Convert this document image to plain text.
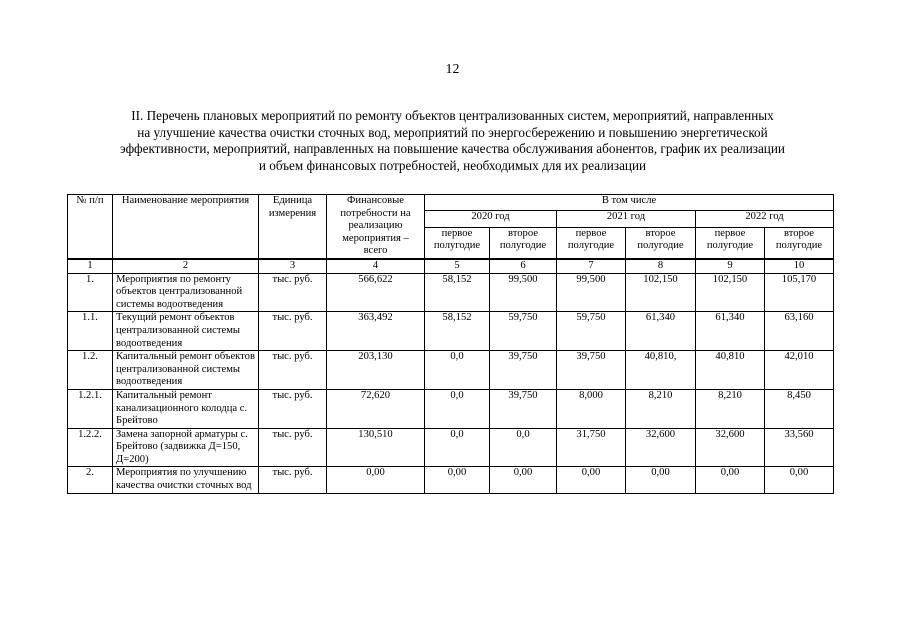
12
II. Перечень плановых мероприятий по ремонту объектов централизованных систем, мероприятий, направленных
на улучшение качества очистки сточных вод, мероприятий по энергосбережению и повышению энергетической
эффективности, мероприятий, направленных на повышение качества обслуживания абонентов, график их реализации
и объем финансовых потребностей, необходимых для их реализации
№ п/п	Наименование мероприятия	Единица измерения	Финансовые потребности на реализацию мероприятия – всего	В том числе					
				2020 год		2021 год		2022 год	
				первое полугодие	второе полугодие	первое полугодие	второе полугодие	первое полугодие	второе полугодие
1	2	3	4	5	6	7	8	9	10
1.	Мероприятия по ремонту объектов централизованной системы водоотведения	тыс. руб.	566,622	58,152	99,500	99,500	102,150	102,150	105,170
1.1.	Текущий ремонт объектов централизованной системы водоотведения	тыс. руб.	363,492	58,152	59,750	59,750	61,340	61,340	63,160
1.2.	Капитальный ремонт объектов централизованной системы водоотведения	тыс. руб.	203,130	0,0	39,750	39,750	40,810,	40,810	42,010
1.2.1.	Капитальный ремонт канализационного колодца с. Брейтово	тыс. руб.	72,620	0,0	39,750	8,000	8,210	8,210	8,450
1.2.2.	Замена запорной арматуры с. Брейтово (задвижка Д=150, Д=200)	тыс. руб.	130,510	0,0	0,0	31,750	32,600	32,600	33,560
2.	Мероприятия по улучшению качества очистки сточных вод	тыс. руб.	0,00	0,00	0,00	0,00	0,00	0,00	0,00
